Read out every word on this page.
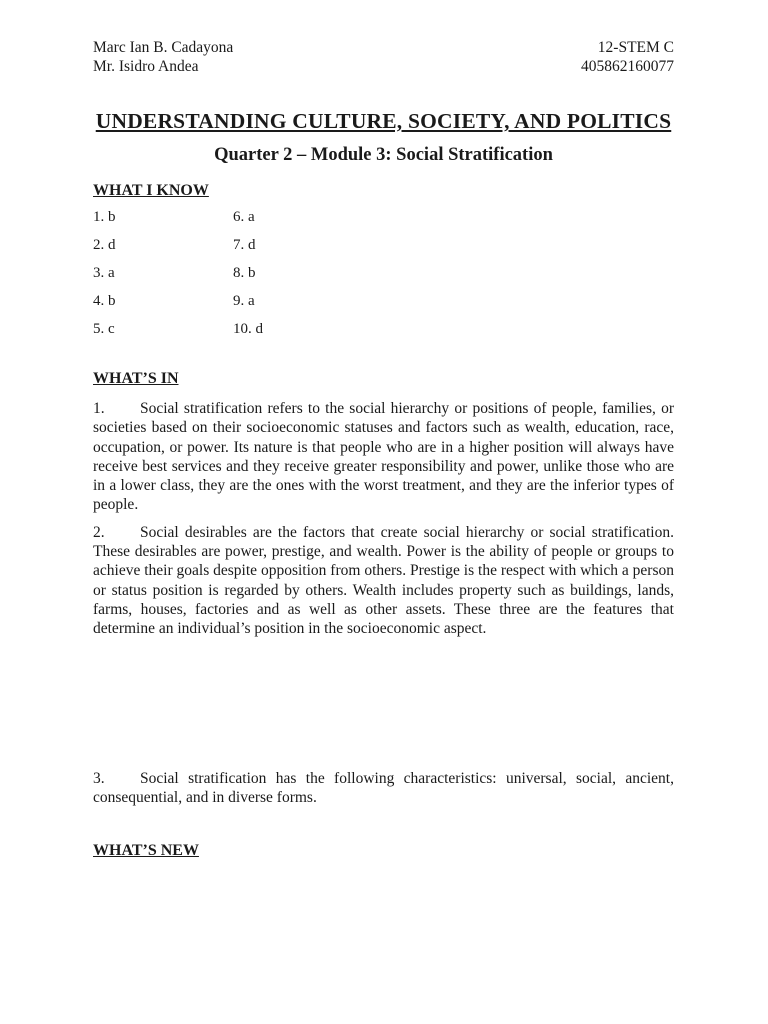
Marc Ian B. Cadayona	12-STEM C
Mr. Isidro Andea	405862160077
UNDERSTANDING CULTURE, SOCIETY, AND POLITICS
Quarter 2 – Module 3: Social Stratification
WHAT I KNOW
1. b	6. a
2. d	7. d
3. a	8. b
4. b	9. a
5. c	10. d
WHAT’S IN

1. Social stratification refers to the social hierarchy or positions of people, families, or societies based on their socioeconomic statuses and factors such as wealth, education, race, occupation, or power. Its nature is that people who are in a higher position will always have receive best services and they receive greater responsibility and power, unlike those who are in a lower class, they are the ones with the worst treatment, and they are the inferior types of people.

2. Social desirables are the factors that create social hierarchy or social stratification. These desirables are power, prestige, and wealth. Power is the ability of people or groups to achieve their goals despite opposition from others. Prestige is the respect with which a person or status position is regarded by others. Wealth includes property such as buildings, lands, farms, houses, factories and as well as other assets. These three are the features that determine an individual’s position in the socioeconomic aspect.

3. Social stratification has the following characteristics: universal, social, ancient, consequential, and in diverse forms.

WHAT’S NEW
